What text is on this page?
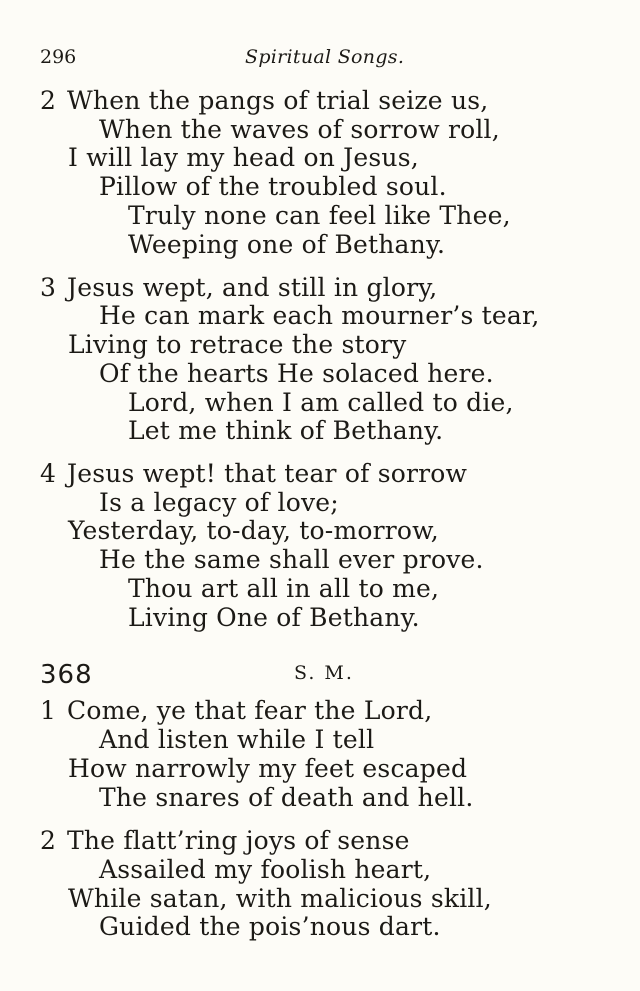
296	Spiritual Songs.
2 When the pangs of trial seize us,
When the waves of sorrow roll,
I will lay my head on Jesus,
Pillow of the troubled soul.
Truly none can feel like Thee,
Weeping one of Bethany.
3 Jesus wept, and still in glory,
He can mark each mourner’s tear,
Living to retrace the story
Of the hearts He solaced here.
Lord, when I am called to die,
Let me think of Bethany.
4 Jesus wept! that tear of sorrow
Is a legacy of love;
Yesterday, to-day, to-morrow,
He the same shall ever prove.
Thou art all in all to me,
Living One of Bethany.
368	S. M.
1 Come, ye that fear the Lord,
And listen while I tell
How narrowly my feet escaped
The snares of death and hell.
2 The flatt’ring joys of sense
Assailed my foolish heart,
While satan, with malicious skill,
Guided the pois’nous dart.
